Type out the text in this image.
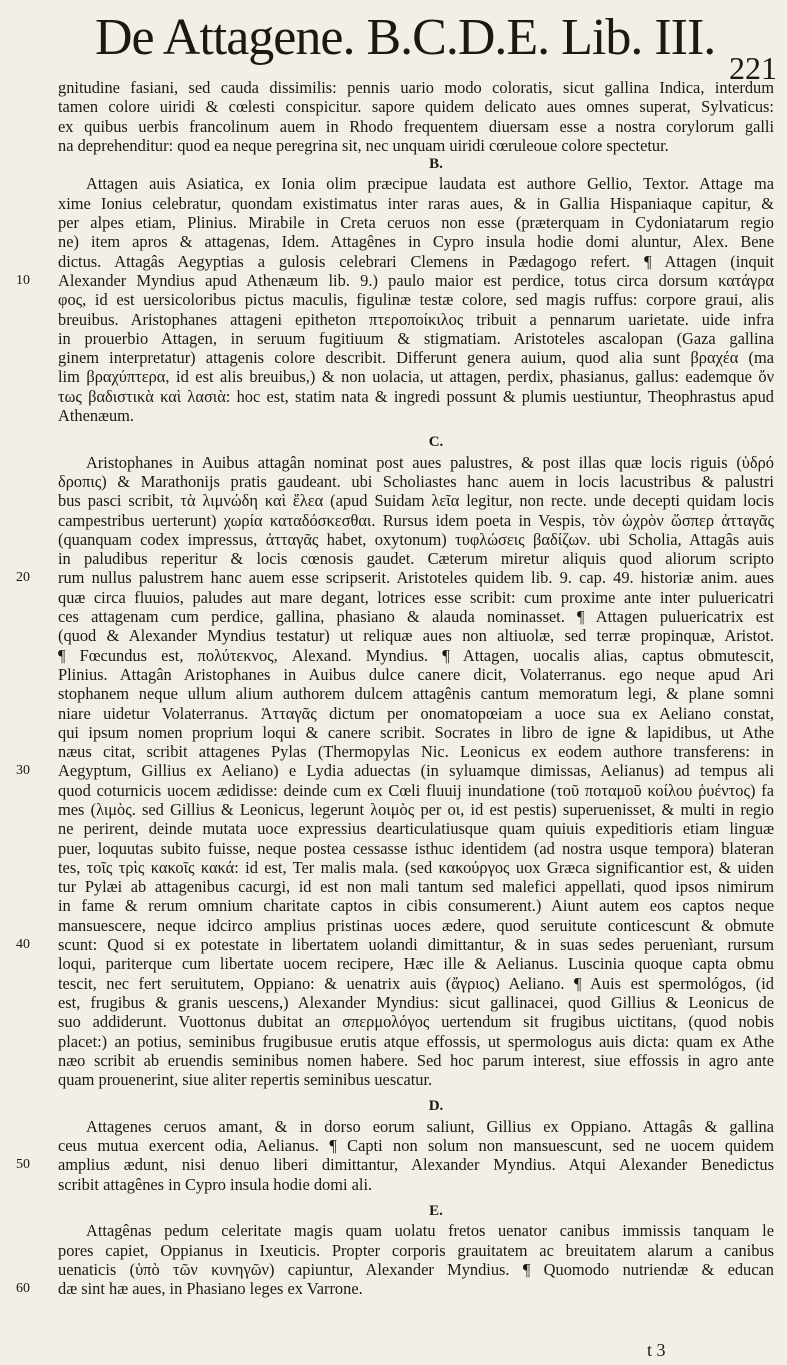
De Attagene. B.C.D.E. Lib. III.
221
gnitudine fasiani, sed cauda dissimilis: pennis uario modo coloratis, sicut gallina Indica, interdum
tamen colore uiridi & cœlesti conspicitur. sapore quidem delicato aues omnes superat, Sylvaticus:
ex quibus uerbis francolinum auem in Rhodo frequentem diuersam esse a nostra corylorum galli
na deprehenditur: quod ea neque peregrina sit, nec unquam uiridi cœruleoue colore spectetur.
B.
Attagen auis Asiatica, ex Ionia olim præcipue laudata est authore Gellio, Textor. Attage ma
xime Ionius celebratur, quondam existimatus inter raras aues, & in Gallia Hispaniaque capitur, &
per alpes etiam, Plinius. Mirabile in Creta ceruos non esse (præterquam in Cydoniatarum regio
ne) item apros & attagenas, Idem. Attagênes in Cypro insula hodie domi aluntur, Alex. Bene
dictus. Attagâs Aegyptias a gulosis celebrari Clemens in Pædagogo refert. ¶ Attagen (inquit
Alexander Myndius apud Athenæum lib. 9.) paulo maior est perdice, totus circa dorsum κατάγρα
φος, id est uersicoloribus pictus maculis, figulinæ testæ colore, sed magis ruffus: corpore graui, alis
breuibus. Aristophanes attageni epitheton πτεροποίκιλος tribuit a pennarum uarietate. uide infra
in prouerbio Attagen, in seruum fugitiuum & stigmatiam. Aristoteles ascalopan (Gaza gallina
ginem interpretatur) attagenis colore describit. Differunt genera auium, quod alia sunt βραχέα (ma
lim βραχύπτερα, id est alis breuibus,) & non uolacia, ut attagen, perdix, phasianus, gallus: eademque ὄν
τως βαδιστικὰ καὶ λασιὰ: hoc est, statim nata & ingredi possunt & plumis uestiuntur, Theophrastus apud
Athenæum.
C.
Aristophanes in Auibus attagân nominat post aues palustres, & post illas quæ locis riguis (ὑδρό
δροπις) & Marathonijs pratis gaudeant. ubi Scholiastes hanc auem in locis lacustribus & palustri
bus pasci scribit, τὰ λιμνώδη καὶ ἕλεα (apud Suidam λεῖα legitur, non recte. unde decepti quidam locis
campestribus uerterunt) χωρία καταδόσκεσθαι. Rursus idem poeta in Vespis, τὸν ὠχρὸν ὥσπερ ἀτταγᾶς
(quanquam codex impressus, ἀτταγᾶς habet, oxytonum) τυφλώσεις βαδίζων. ubi Scholia, Attagâs auis
in paludibus reperitur & locis cœnosis gaudet. Cæterum miretur aliquis quod aliorum scripto
rum nullus palustrem hanc auem esse scripserit. Aristoteles quidem lib. 9. cap. 49. historiæ anim. aues
quæ circa fluuios, paludes aut mare degant, lotrices esse scribit: cum proxime ante inter puluericatri
ces attagenam cum perdice, gallina, phasiano & alauda nominasset. ¶ Attagen puluericatrix est
(quod & Alexander Myndius testatur) ut reliquæ aues non altiuolæ, sed terræ propinquæ, Aristot.
¶ Fœcundus est, πολύτεκνος, Alexand. Myndius. ¶ Attagen, uocalis alias, captus obmutescit,
Plinius. Attagân Aristophanes in Auibus dulce canere dicit, Volaterranus. ego neque apud Ari
stophanem neque ullum alium authorem dulcem attagênis cantum memoratum legi, & plane somni
niare uidetur Volaterranus. Ἀτταγᾶς dictum per onomatopœiam a uoce sua ex Aeliano constat,
qui ipsum nomen proprium loqui & canere scribit. Socrates in libro de igne & lapidibus, ut Athe
næus citat, scribit attagenes Pylas (Thermopylas Nic. Leonicus ex eodem authore transferens: in
Aegyptum, Gillius ex Aeliano) e Lydia aduectas (in syluamque dimissas, Aelianus) ad tempus ali
quod coturnicis uocem ædidisse: deinde cum ex Cœli fluuij inundatione (τοῦ ποταμοῦ κοίλου ῥυέντος) fa
mes (λιμὸς. sed Gillius & Leonicus, legerunt λοιμὸς per οι, id est pestis) superuenisset, & multi in regio
ne perirent, deinde mutata uoce expressius dearticulatiusque quam quiuis expeditioris etiam linguæ
puer, loquutas subito fuisse, neque postea cessasse isthuc identidem (ad nostra usque tempora) blateran
tes, τοῖς τρὶς κακοῖς κακά: id est, Ter malis mala. (sed κακούργος uox Græca significantior est, & uiden
tur Pylæi ab attagenibus cacurgi, id est non mali tantum sed malefici appellati, quod ipsos nimirum
in fame & rerum omnium charitate captos in cibis consumerent.) Aiunt autem eos captos neque
mansuescere, neque idcirco amplius pristinas uoces ædere, quod seruitute conticescunt & obmute
scunt: Quod si ex potestate in libertatem uolandi dimittantur, & in suas sedes peruenìant, rursum
loqui, pariterque cum libertate uocem recipere, Hæc ille & Aelianus. Luscinia quoque capta obmu
tescit, nec fert seruitutem, Oppiano: & uenatrix auis (ἄγριος) Aeliano. ¶ Auis est spermológos, (id
est, frugibus & granis uescens,) Alexander Myndius: sicut gallinacei, quod Gillius & Leonicus de
suo addiderunt. Vuottonus dubitat an σπερμολόγος uertendum sit frugibus uictitans, (quod nobis
placet:) an potius, seminibus frugibusue erutis atque effossis, ut spermologus auis dicta: quam ex Athe
næo scribit ab eruendis seminibus nomen habere. Sed hoc parum interest, siue effossis in agro ante
quam prouenerint, siue aliter repertis seminibus uescatur.
D.
Attagenes ceruos amant, & in dorso eorum saliunt, Gillius ex Oppiano. Attagâs & gallina
ceus mutua exercent odia, Aelianus. ¶ Capti non solum non mansuescunt, sed ne uocem quidem
amplius ædunt, nisi denuo liberi dimittantur, Alexander Myndius. Atqui Alexander Benedictus
scribit attagênes in Cypro insula hodie domi ali.
E.
Attagênas pedum celeritate magis quam uolatu fretos uenator canibus immissis tanquam le
pores capiet, Oppianus in Ixeuticis. Propter corporis grauitatem ac breuitatem alarum a canibus
uenaticis (ὑπὸ τῶν κυνηγῶν) capiuntur, Alexander Myndius. ¶ Quomodo nutriendæ & educan
dæ sint hæ aues, in Phasiano leges ex Varrone.
10
20
30
40
50
60
t 3
